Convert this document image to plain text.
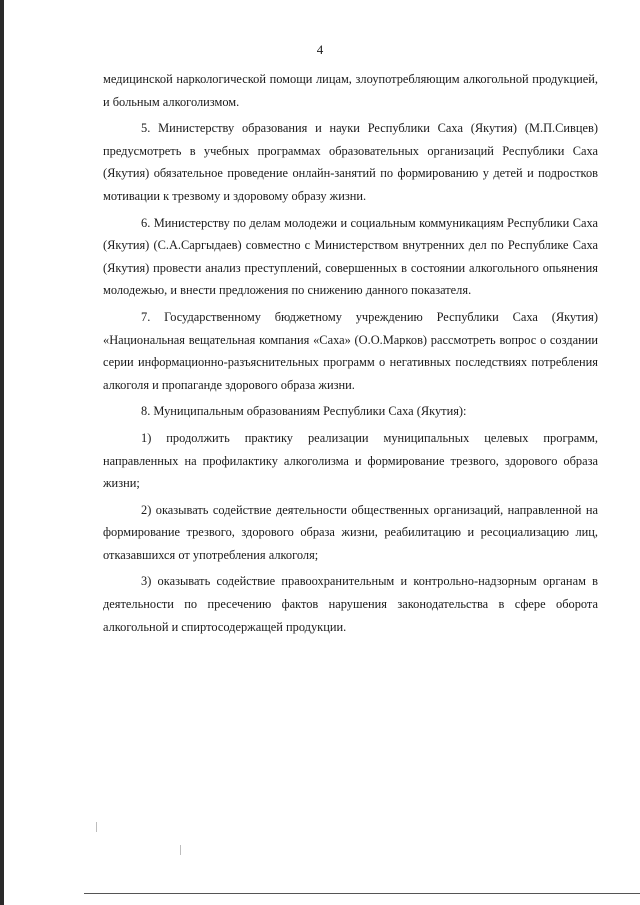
4

медицинской наркологической помощи лицам, злоупотребляющим алкогольной продукцией, и больным алкоголизмом.

5. Министерству образования и науки Республики Саха (Якутия) (М.П.Сивцев) предусмотреть в учебных программах образовательных организаций Республики Саха (Якутия) обязательное проведение онлайн-занятий по формированию у детей и подростков мотивации к трезвому и здоровому образу жизни.

6. Министерству по делам молодежи и социальным коммуникациям Республики Саха (Якутия) (С.А.Саргыдаев) совместно с Министерством внутренних дел по Республике Саха (Якутия) провести анализ преступлений, совершенных в состоянии алкогольного опьянения молодежью, и внести предложения по снижению данного показателя.

7. Государственному бюджетному учреждению Республики Саха (Якутия) «Национальная вещательная компания «Саха» (О.О.Марков) рассмотреть вопрос о создании серии информационно-разъяснительных программ о негативных последствиях потребления алкоголя и пропаганде здорового образа жизни.

8. Муниципальным образованиям Республики Саха (Якутия):

1) продолжить практику реализации муниципальных целевых программ, направленных на профилактику алкоголизма и формирование трезвого, здорового образа жизни;

2) оказывать содействие деятельности общественных организаций, направленной на формирование трезвого, здорового образа жизни, реабилитацию и ресоциализацию лиц, отказавшихся от употребления алкоголя;

3) оказывать содействие правоохранительным и контрольно-надзорным органам в деятельности по пресечению фактов нарушения законодательства в сфере оборота алкогольной и спиртосодержащей продукции.
